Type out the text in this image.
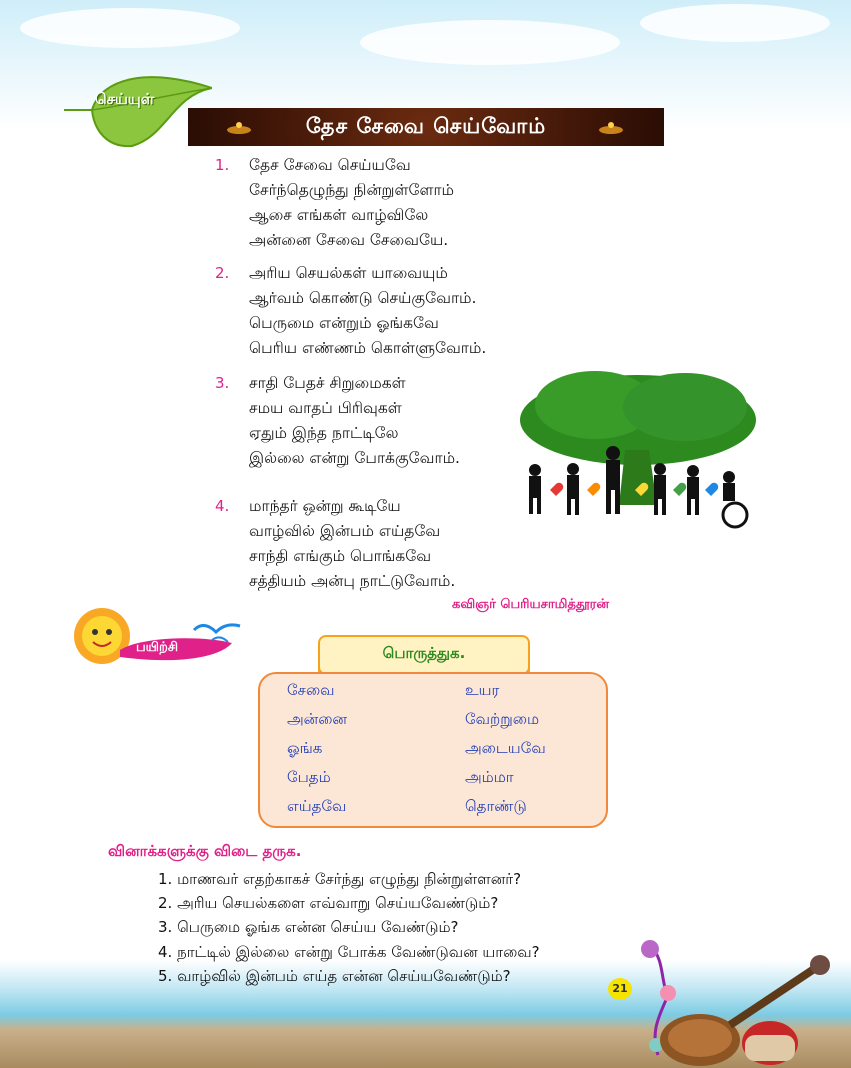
செய்யுள்
தேச சேவை செய்வோம்
1.	தேச சேவை செய்யவே
சேர்ந்தெழுந்து நின்றுள்ளோம்
ஆசை எங்கள் வாழ்விலே
அன்னை சேவை சேவையே.
2.	அரிய செயல்கள் யாவையும்
ஆர்வம் கொண்டு செய்குவோம்.
பெருமை என்றும் ஓங்கவே
பெரிய எண்ணம் கொள்ளுவோம்.
3.	சாதி பேதச் சிறுமைகள்
சமய வாதப் பிரிவுகள்
ஏதும் இந்த நாட்டிலே
இல்லை என்று போக்குவோம்.
4.	மாந்தர் ஒன்று கூடியே
வாழ்வில் இன்பம் எய்தவே
சாந்தி எங்கும் பொங்கவே
சத்தியம் அன்பு நாட்டுவோம்.
கவிஞர் பெரியசாமித்தூரன்
பயிற்சி	பொருத்துக.
சேவை	உயர
அன்னை	வேற்றுமை
ஓங்க	அடையவே
பேதம்	அம்மா
எய்தவே	தொண்டு
வினாக்களுக்கு விடை தருக.
1. மாணவர் எதற்காகச் சேர்ந்து எழுந்து நின்றுள்ளனர்?
2. அரிய செயல்களை எவ்வாறு செய்யவேண்டும்?
3. பெருமை ஓங்க என்ன செய்ய வேண்டும்?
4. நாட்டில் இல்லை என்று போக்க வேண்டுவன யாவை?
5. வாழ்வில் இன்பம் எய்த என்ன செய்யவேண்டும்?
21
